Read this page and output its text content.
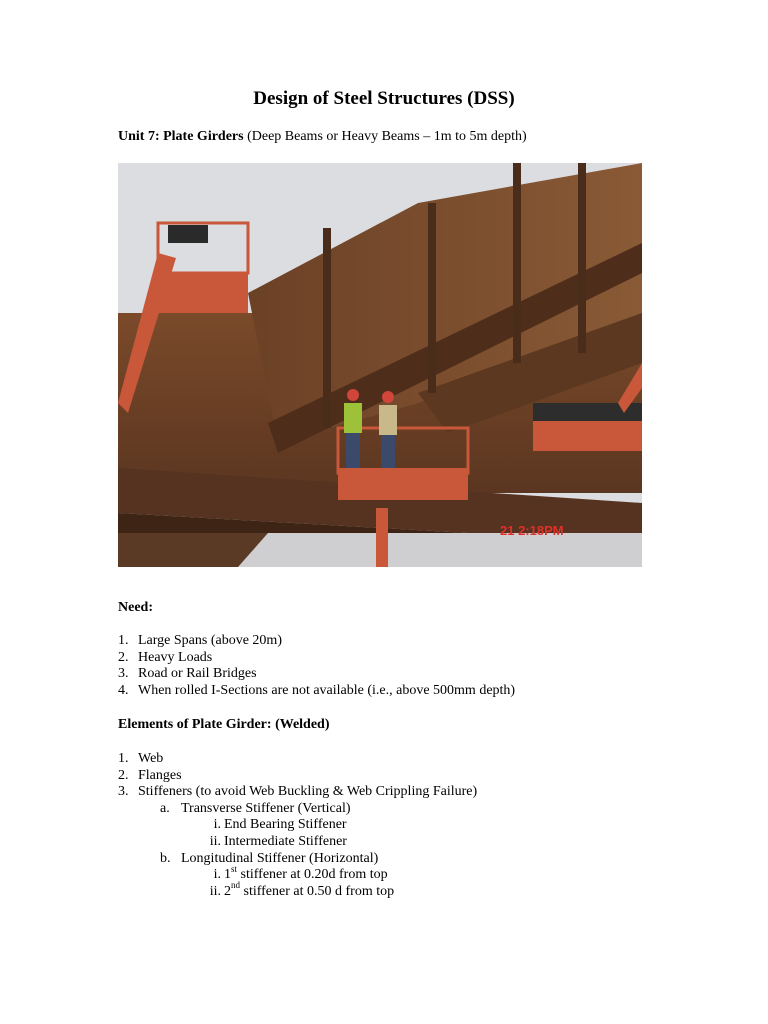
Design of Steel Structures (DSS)
Unit 7: Plate Girders (Deep Beams or Heavy Beams – 1m to 5m depth)
21 2:18PM
Need:
1. Large Spans (above 20m)
2. Heavy Loads
3. Road or Rail Bridges
4. When rolled I-Sections are not available (i.e., above 500mm depth)
Elements of Plate Girder: (Welded)
1. Web
2. Flanges
3. Stiffeners (to avoid Web Buckling & Web Crippling Failure)
a. Transverse Stiffener (Vertical)
i. End Bearing Stiffener
ii. Intermediate Stiffener
b. Longitudinal Stiffener (Horizontal)
i. 1st stiffener at 0.20d from top
ii. 2nd stiffener at 0.50 d from top
